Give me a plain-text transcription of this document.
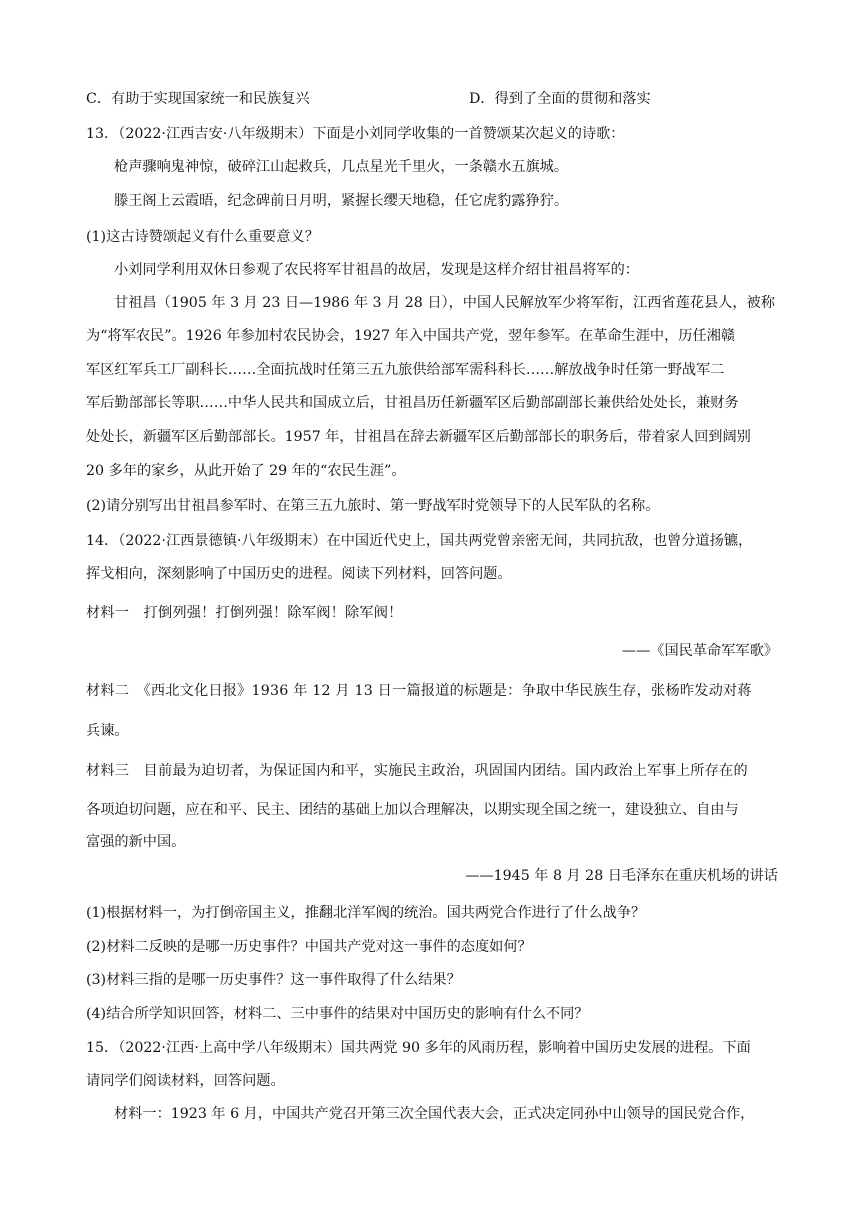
C．有助于实现国家统一和民族复兴	D．得到了全面的贯彻和落实
13．（2022·江西吉安·八年级期末）下面是小刘同学收集的一首赞颂某次起义的诗歌：
枪声骤响鬼神惊，破碎江山起救兵，几点星光千里火，一条赣水五旗城。
滕王阁上云霞晤，纪念碑前日月明，紧握长缨天地稳，任它虎豹露狰狞。
(1)这古诗赞颂起义有什么重要意义？
小刘同学利用双休日参观了农民将军甘祖昌的故居，发现是这样介绍甘祖昌将军的：
甘祖昌（1905 年 3 月 23 日—1986 年 3 月 28 日），中国人民解放军少将军衔，江西省莲花县人，被称
为“将军农民”。1926 年参加村农民协会，1927 年入中国共产党，翌年参军。在革命生涯中，历任湘赣
军区红军兵工厂副科长……全面抗战时任第三五九旅供给部军需科科长……解放战争时任第一野战军二
军后勤部部长等职……中华人民共和国成立后，甘祖昌历任新疆军区后勤部副部长兼供给处处长，兼财务
处处长，新疆军区后勤部部长。1957 年，甘祖昌在辞去新疆军区后勤部部长的职务后，带着家人回到阔别
20 多年的家乡，从此开始了 29 年的“农民生涯”。
(2)请分别写出甘祖昌参军时、在第三五九旅时、第一野战军时党领导下的人民军队的名称。
14．（2022·江西景德镇·八年级期末）在中国近代史上，国共两党曾亲密无间，共同抗敌，也曾分道扬镳，
挥戈相向，深刻影响了中国历史的进程。阅读下列材料，回答问题。
材料一　打倒列强！打倒列强！除军阀！除军阀！
——《国民革命军军歌》
材料二　《西北文化日报》1936 年 12 月 13 日一篇报道的标题是：争取中华民族生存，张杨昨发动对蒋
兵谏。
材料三　目前最为迫切者，为保证国内和平，实施民主政治，巩固国内团结。国内政治上军事上所存在的
各项迫切问题，应在和平、民主、团结的基础上加以合理解决，以期实现全国之统一，建设独立、自由与
富强的新中国。
——1945 年 8 月 28 日毛泽东在重庆机场的讲话
(1)根据材料一，为打倒帝国主义，推翻北洋军阀的统治。国共两党合作进行了什么战争？
(2)材料二反映的是哪一历史事件？中国共产党对这一事件的态度如何？
(3)材料三指的是哪一历史事件？这一事件取得了什么结果？
(4)结合所学知识回答，材料二、三中事件的结果对中国历史的影响有什么不同？
15．（2022·江西·上高中学八年级期末）国共两党 90 多年的风雨历程，影响着中国历史发展的进程。下面
请同学们阅读材料，回答问题。
材料一：1923 年 6 月，中国共产党召开第三次全国代表大会，正式决定同孙中山领导的国民党合作，
